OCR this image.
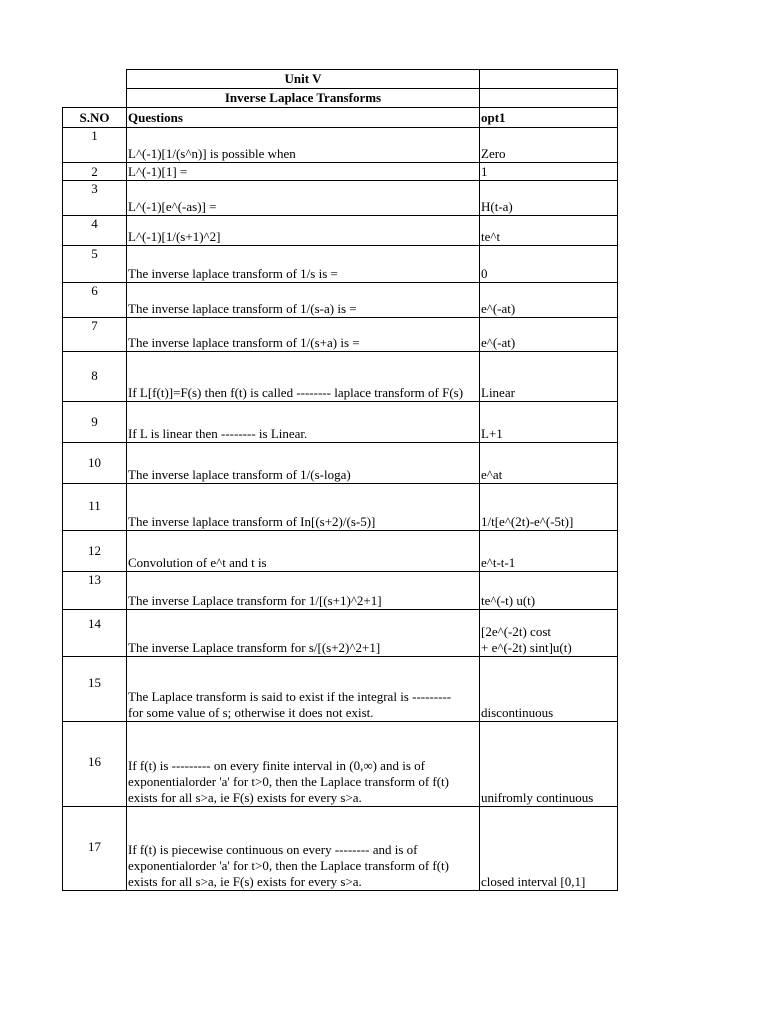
	Unit V	
	Inverse Laplace Transforms	
S.NO	Questions	opt1
1	L^(-1)[1/(s^n)] is possible when	Zero
2	L^(-1)[1] =	1
3	L^(-1)[e^(-as)] =	H(t-a)
4	L^(-1)[1/(s+1)^2]	te^t
5	The inverse laplace transform of 1/s is =	0
6	The inverse laplace transform of 1/(s-a) is =	e^(-at)
7	The inverse laplace transform of 1/(s+a) is =	e^(-at)
8	If L[f(t)]=F(s) then f(t) is called -------- laplace transform of F(s)	Linear
9	If L is linear then -------- is Linear.	L+1
10	The inverse laplace transform of 1/(s-loga)	e^at
11	The inverse laplace transform of In[(s+2)/(s-5)]	1/t[e^(2t)-e^(-5t)]
12	Convolution of e^t and t is	e^t-t-1
13	The inverse Laplace transform for 1/[(s+1)^2+1]	te^(-t) u(t)
14	The inverse Laplace transform for s/[(s+2)^2+1]	[2e^(-2t) cost
+ e^(-2t) sint]u(t)
15	The Laplace transform is said to exist if the integral is ---------
for some value of s; otherwise it does not exist.	discontinuous
16	If f(t) is --------- on every finite interval in (0,∞) and is of
exponentialorder 'a' for t>0, then the Laplace transform of f(t)
exists for all s>a, ie F(s) exists for every s>a.	unifromly continuous
17	If f(t) is piecewise continuous on every -------- and is of
exponentialorder 'a' for t>0, then the Laplace transform of f(t)
exists for all s>a, ie F(s) exists for every s>a.	closed interval [0,1]
